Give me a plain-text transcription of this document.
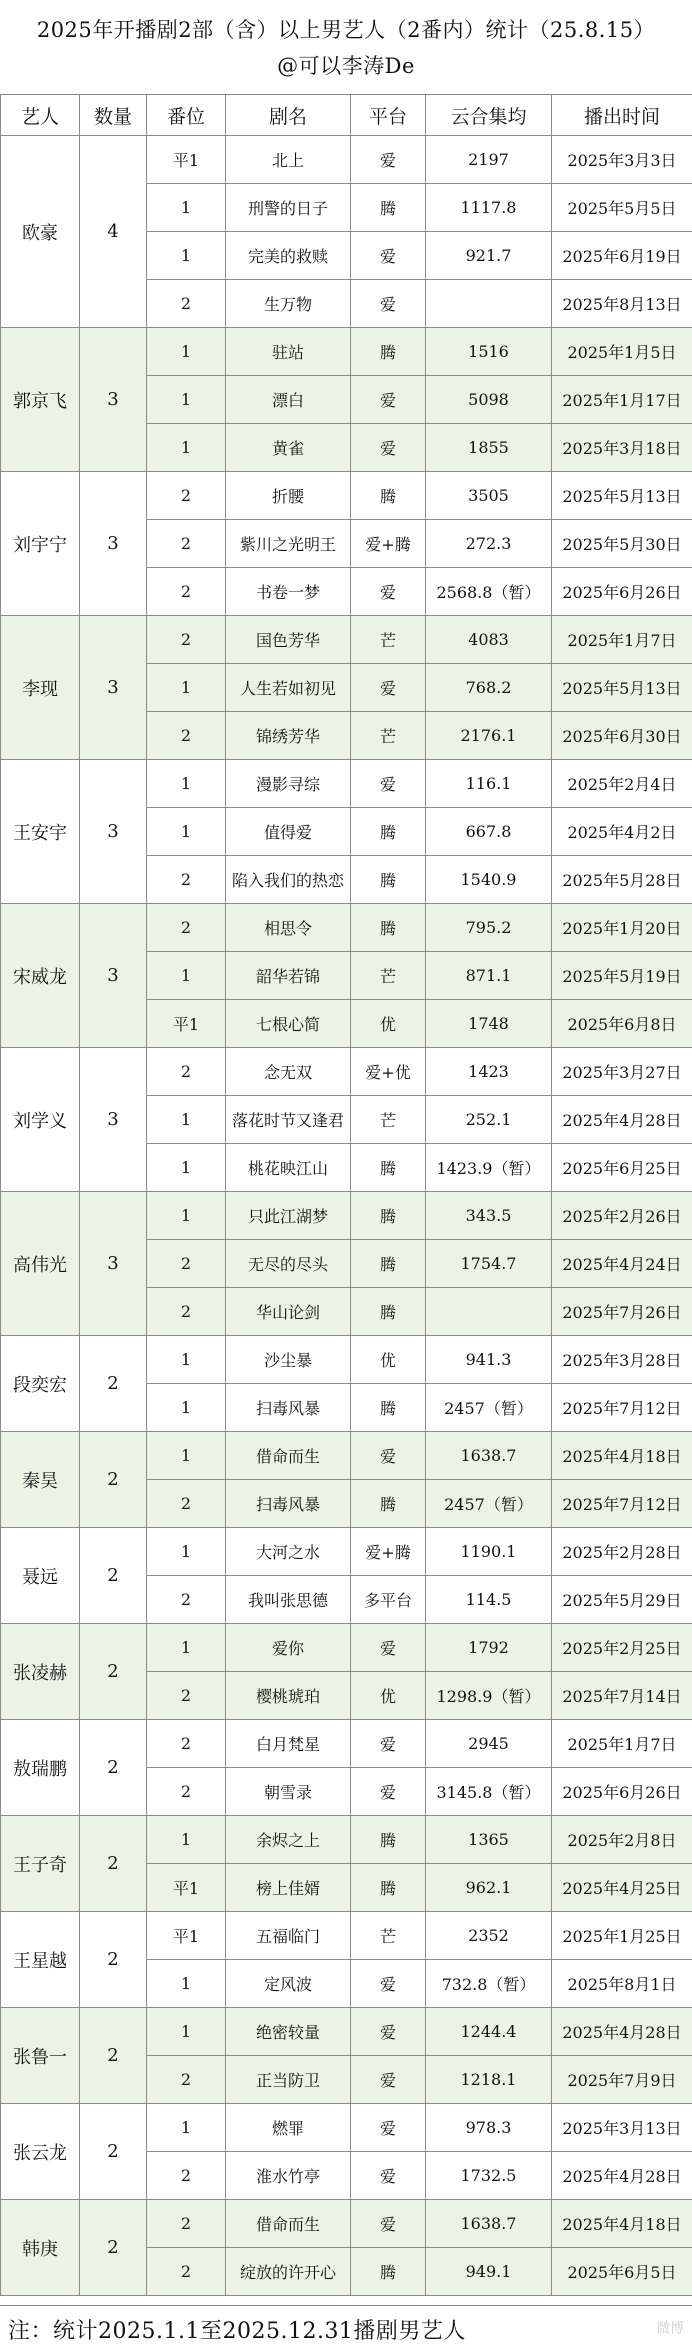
2025年开播剧2部（含）以上男艺人（2番内）统计（25.8.15）
@可以李涛De
艺人	数量	番位	剧名	平台	云合集均	播出时间
欧豪	4	平1	北上	爱	2197	2025年3月3日
		1	刑警的日子	腾	1117.8	2025年5月5日
		1	完美的救赎	爱	921.7	2025年6月19日
		2	生万物	爱		2025年8月13日
郭京飞	3	1	驻站	腾	1516	2025年1月5日
		1	漂白	爱	5098	2025年1月17日
		1	黄雀	爱	1855	2025年3月18日
刘宇宁	3	2	折腰	腾	3505	2025年5月13日
		2	紫川之光明王	爱+腾	272.3	2025年5月30日
		2	书卷一梦	爱	2568.8（暂）	2025年6月26日
李现	3	2	国色芳华	芒	4083	2025年1月7日
		1	人生若如初见	爱	768.2	2025年5月13日
		2	锦绣芳华	芒	2176.1	2025年6月30日
王安宇	3	1	漫影寻综	爱	116.1	2025年2月4日
		1	值得爱	腾	667.8	2025年4月2日
		2	陷入我们的热恋	腾	1540.9	2025年5月28日
宋威龙	3	2	相思令	腾	795.2	2025年1月20日
		1	韶华若锦	芒	871.1	2025年5月19日
		平1	七根心简	优	1748	2025年6月8日
刘学义	3	2	念无双	爱+优	1423	2025年3月27日
		1	落花时节又逢君	芒	252.1	2025年4月28日
		1	桃花映江山	腾	1423.9（暂）	2025年6月25日
高伟光	3	1	只此江湖梦	腾	343.5	2025年2月26日
		2	无尽的尽头	腾	1754.7	2025年4月24日
		2	华山论剑	腾		2025年7月26日
段奕宏	2	1	沙尘暴	优	941.3	2025年3月28日
		1	扫毒风暴	腾	2457（暂）	2025年7月12日
秦昊	2	1	借命而生	爱	1638.7	2025年4月18日
		2	扫毒风暴	腾	2457（暂）	2025年7月12日
聂远	2	1	大河之水	爱+腾	1190.1	2025年2月28日
		2	我叫张思德	多平台	114.5	2025年5月29日
张凌赫	2	1	爱你	爱	1792	2025年2月25日
		2	樱桃琥珀	优	1298.9（暂）	2025年7月14日
敖瑞鹏	2	2	白月梵星	爱	2945	2025年1月7日
		2	朝雪录	爱	3145.8（暂）	2025年6月26日
王子奇	2	1	余烬之上	腾	1365	2025年2月8日
		平1	榜上佳婿	腾	962.1	2025年4月25日
王星越	2	平1	五福临门	芒	2352	2025年1月25日
		1	定风波	爱	732.8（暂）	2025年8月1日
张鲁一	2	1	绝密较量	爱	1244.4	2025年4月28日
		2	正当防卫	爱	1218.1	2025年7月9日
张云龙	2	1	燃罪	爱	978.3	2025年3月13日
		2	淮水竹亭	爱	1732.5	2025年4月28日
韩庚	2	2	借命而生	爱	1638.7	2025年4月18日
		2	绽放的许开心	腾	949.1	2025年6月5日
注：统计2025.1.1至2025.12.31播剧男艺人	微博
